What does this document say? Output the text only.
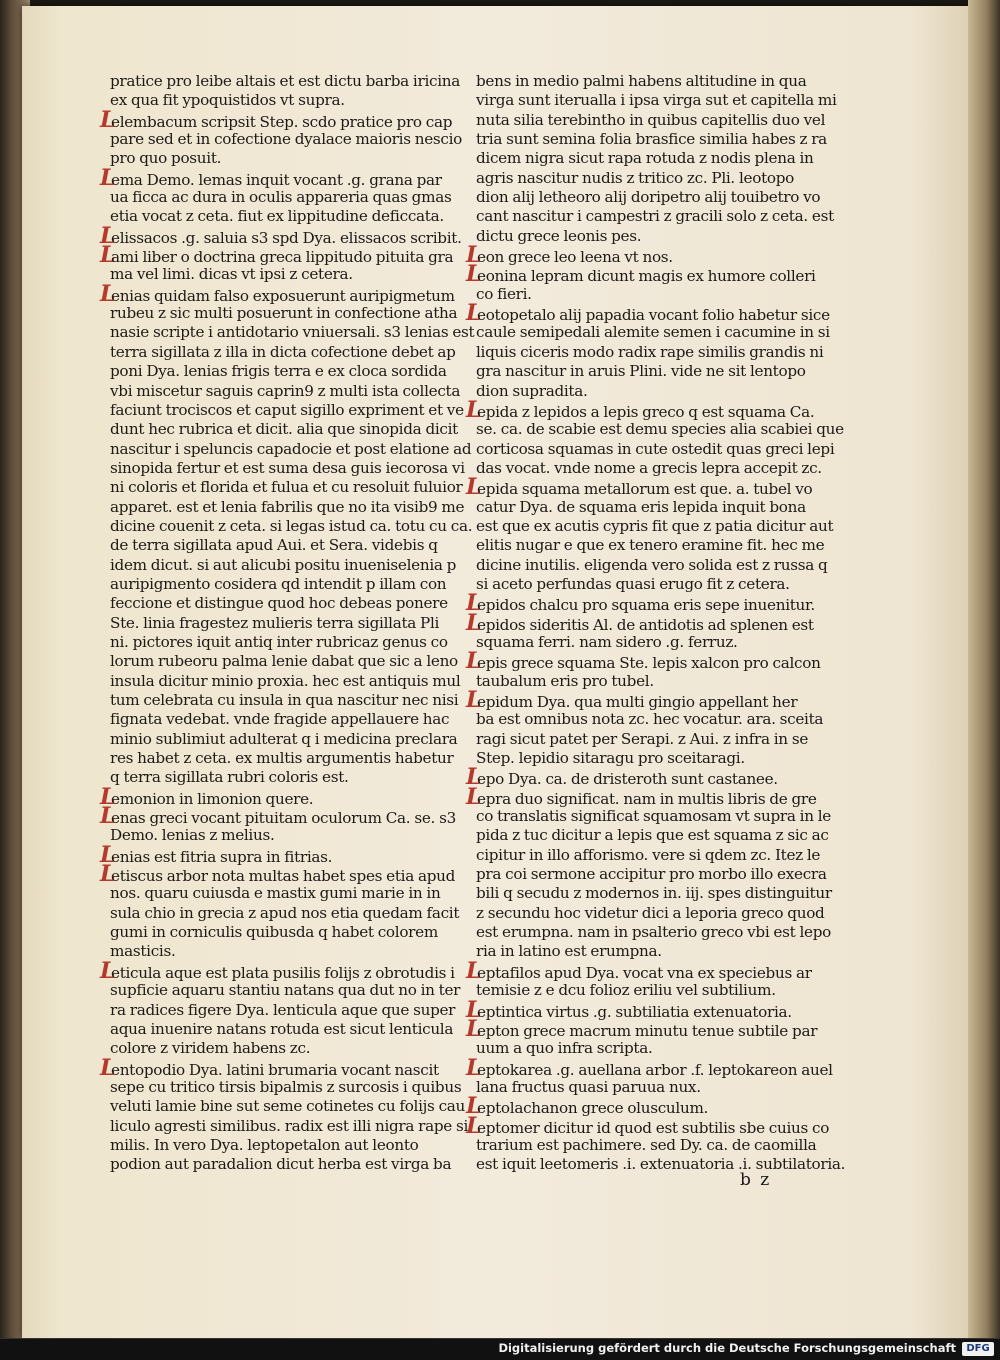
pratice pro leibe altais et est dictu barba iricina
ex qua fit ypoquistidos vt supra.
Lelembacum scripsit Step. scdo pratice pro cap
pare sed et in cofectione dyalace maioris nescio
pro quo posuit.
Lema Demo. lemas inquit vocant .g. grana par
ua ficca ac dura in oculis appareria quas gmas
etia vocat z ceta. fiut ex lippitudine deficcata.
Lelissacos .g. saluia s3 spd Dya. elissacos scribit.
Lami liber o doctrina greca lippitudo pituita gra
ma vel limi. dicas vt ipsi z cetera.
Lenias quidam falso exposuerunt auripigmetum
rubeu z sic multi posuerunt in confectione atha
nasie scripte i antidotario vniuersali. s3 lenias est
terra sigillata z illa in dicta cofectione debet ap
poni Dya. lenias frigis terra e ex cloca sordida
vbi miscetur saguis caprin9 z multi ista collecta
faciunt trociscos et caput sigillo expriment et ve
dunt hec rubrica et dicit. alia que sinopida dicit
nascitur i speluncis capadocie et post elatione ad
sinopida fertur et est suma desa guis iecorosa vi
ni coloris et florida et fulua et cu resoluit fuluior
apparet. est et lenia fabrilis que no ita visib9 me
dicine couenit z ceta. si legas istud ca. totu cu ca.
de terra sigillata apud Aui. et Sera. videbis q
idem dicut. si aut alicubi positu inueniselenia p
auripigmento cosidera qd intendit p illam con
feccione et distingue quod hoc debeas ponere
Ste. linia fragestez mulieris terra sigillata Pli
ni. pictores iquit antiq inter rubricaz genus co
lorum rubeoru palma lenie dabat que sic a leno
insula dicitur minio proxia. hec est antiquis mul
tum celebrata cu insula in qua nascitur nec nisi
fignata vedebat. vnde fragide appellauere hac
minio sublimiut adulterat q i medicina preclara
res habet z ceta. ex multis argumentis habetur
q terra sigillata rubri coloris est.
Lemonion in limonion quere.
Lenas greci vocant pituitam oculorum Ca. se. s3
Demo. lenias z melius.
Lenias est fitria supra in fitrias.
Letiscus arbor nota multas habet spes etia apud
nos. quaru cuiusda e mastix gumi marie in in
sula chio in grecia z apud nos etia quedam facit
gumi in corniculis quibusda q habet colorem
masticis.
Leticula aque est plata pusilis folijs z obrotudis i
supficie aquaru stantiu natans qua dut no in ter
ra radices figere Dya. lenticula aque que super
aqua inuenire natans rotuda est sicut lenticula
colore z viridem habens zc.
Lentopodio Dya. latini brumaria vocant nascit
sepe cu tritico tirsis bipalmis z surcosis i quibus
veluti lamie bine sut seme cotinetes cu folijs cau
liculo agresti similibus. radix est illi nigra rape si
milis. In vero Dya. leptopetalon aut leonto
podion aut paradalion dicut herba est virga ba
bens in medio palmi habens altitudine in qua
virga sunt iterualla i ipsa virga sut et capitella mi
nuta silia terebintho in quibus capitellis duo vel
tria sunt semina folia brasfice similia habes z ra
dicem nigra sicut rapa rotuda z nodis plena in
agris nascitur nudis z tritico zc. Pli. leotopo
dion alij letheoro alij doripetro alij touibetro vo
cant nascitur i campestri z gracili solo z ceta. est
dictu grece leonis pes.
Leon grece leo leena vt nos.
Leonina lepram dicunt magis ex humore colleri
co fieri.
Leotopetalo alij papadia vocant folio habetur sice
caule semipedali alemite semen i cacumine in si
liquis ciceris modo radix rape similis grandis ni
gra nascitur in aruis Plini. vide ne sit lentopo
dion supradita.
Lepida z lepidos a lepis greco q est squama Ca.
se. ca. de scabie est demu species alia scabiei que
corticosa squamas in cute ostedit quas greci lepi
das vocat. vnde nome a grecis lepra accepit zc.
Lepida squama metallorum est que. a. tubel vo
catur Dya. de squama eris lepida inquit bona
est que ex acutis cypris fit que z patia dicitur aut
elitis nugar e que ex tenero eramine fit. hec me
dicine inutilis. eligenda vero solida est z russa q
si aceto perfundas quasi erugo fit z cetera.
Lepidos chalcu pro squama eris sepe inuenitur.
Lepidos sideritis Al. de antidotis ad splenen est
squama ferri. nam sidero .g. ferruz.
Lepis grece squama Ste. lepis xalcon pro calcon
taubalum eris pro tubel.
Lepidum Dya. qua multi gingio appellant her
ba est omnibus nota zc. hec vocatur. ara. sceita
ragi sicut patet per Serapi. z Aui. z infra in se
Step. lepidio sitaragu pro sceitaragi.
Lepo Dya. ca. de dristeroth sunt castanee.
Lepra duo significat. nam in multis libris de gre
co translatis significat squamosam vt supra in le
pida z tuc dicitur a lepis que est squama z sic ac
cipitur in illo afforismo. vere si qdem zc. Itez le
pra coi sermone accipitur pro morbo illo execra
bili q secudu z modernos in. iij. spes distinguitur
z secundu hoc videtur dici a leporia greco quod
est erumpna. nam in psalterio greco vbi est lepo
ria in latino est erumpna.
Leptafilos apud Dya. vocat vna ex speciebus ar
temisie z e dcu folioz eriliu vel subtilium.
Leptintica virtus .g. subtiliatia extenuatoria.
Lepton grece macrum minutu tenue subtile par
uum a quo infra scripta.
Leptokarea .g. auellana arbor .f. leptokareon auel
lana fructus quasi paruua nux.
Leptolachanon grece olusculum.
Leptomer dicitur id quod est subtilis sbe cuius co
trarium est pachimere. sed Dy. ca. de caomilla
est iquit leetomeris .i. extenuatoria .i. subtilatoria.
b z
Digitalisierung gefördert durch die Deutsche Forschungsgemeinschaft	DFG
